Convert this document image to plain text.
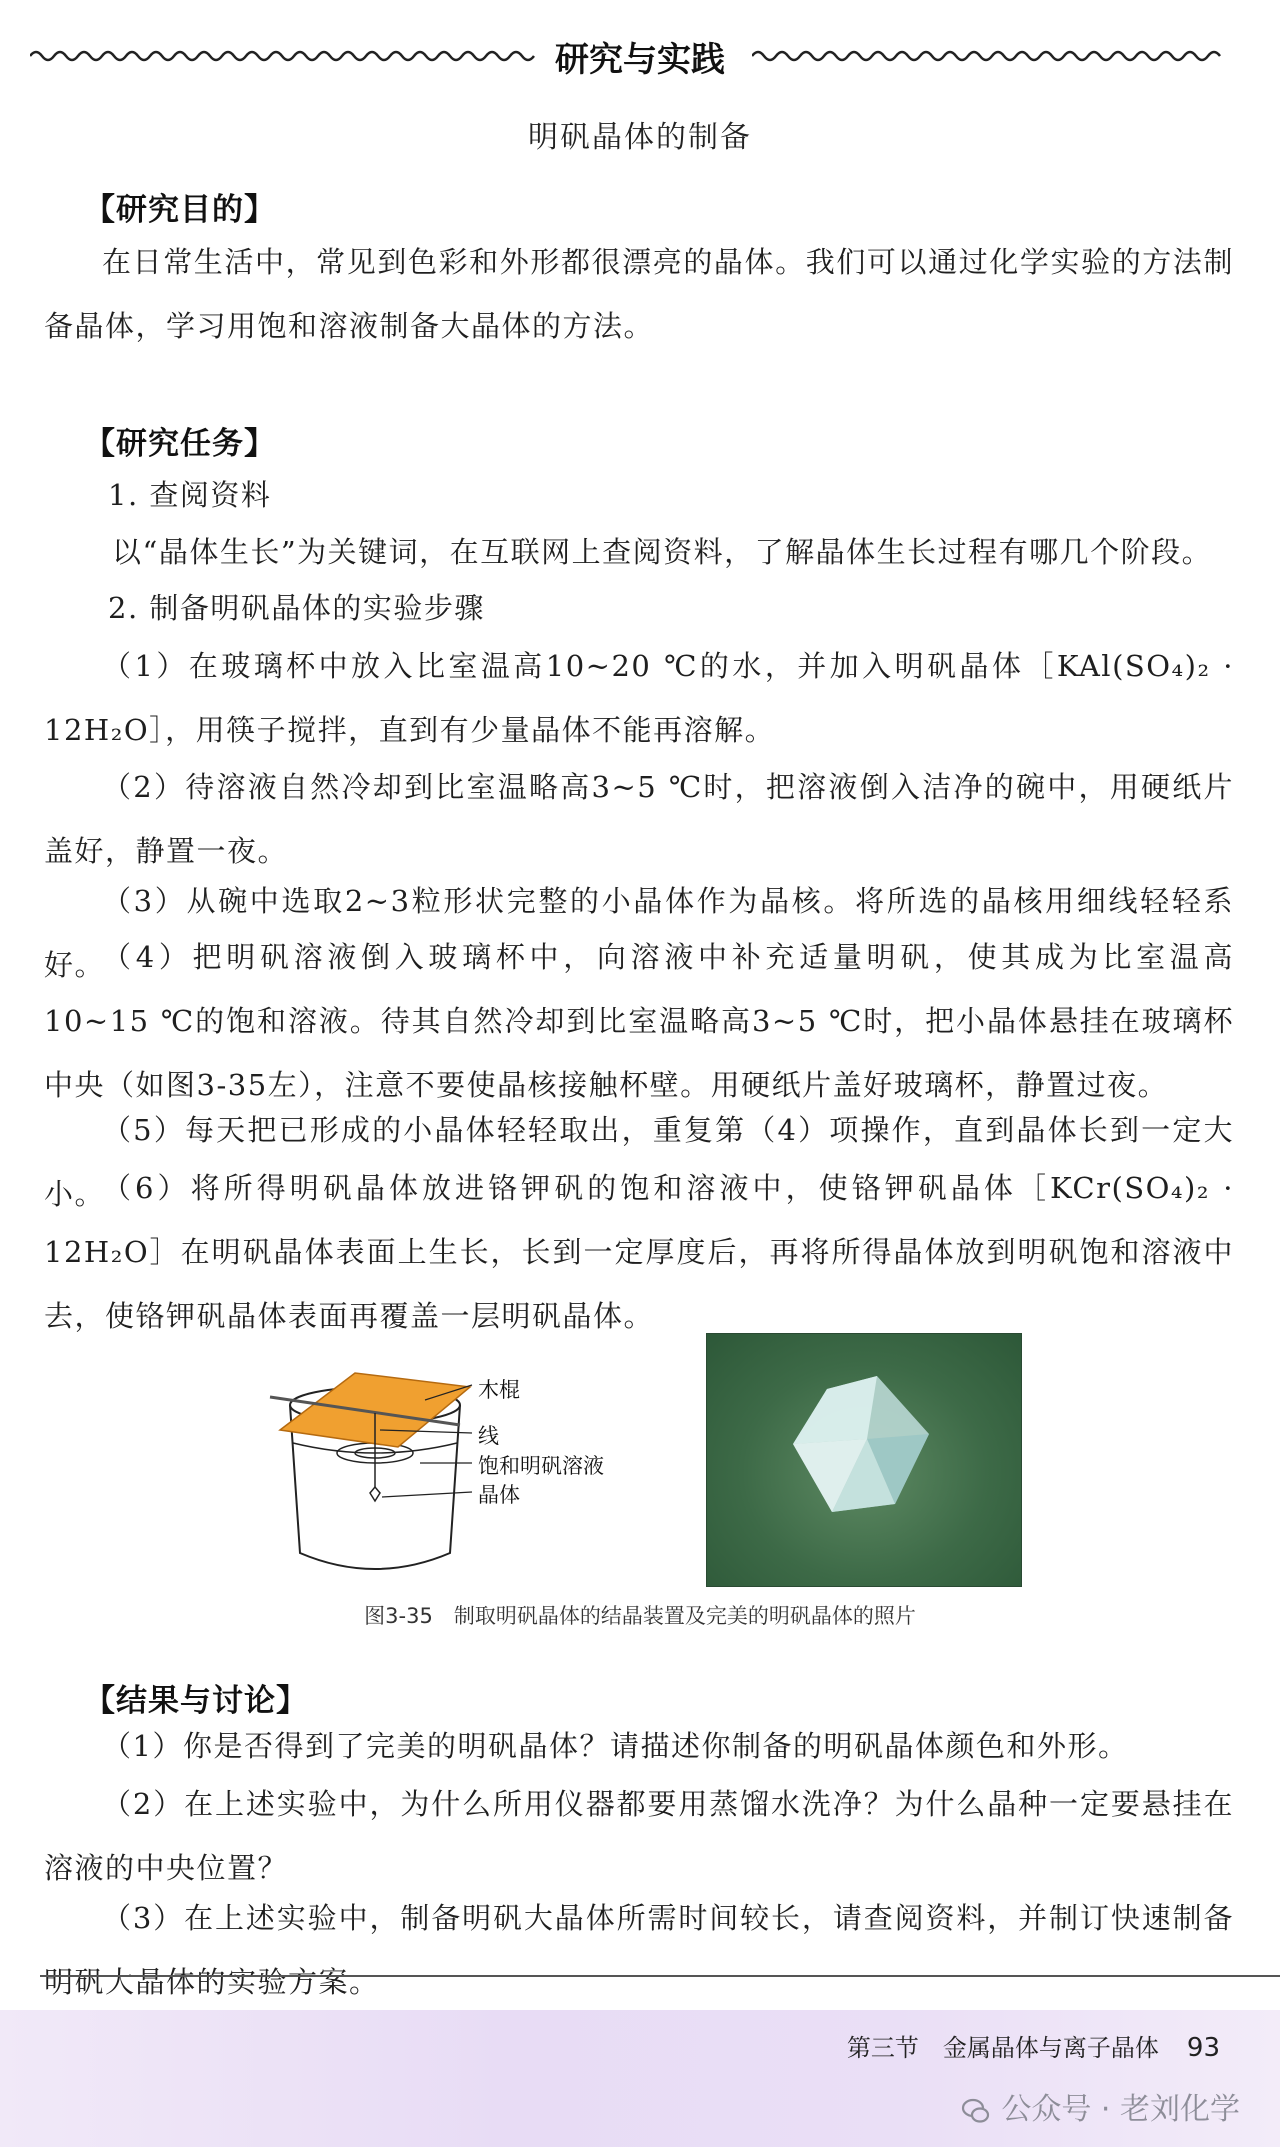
研究与实践
明矾晶体的制备
【研究目的】
在日常生活中，常见到色彩和外形都很漂亮的晶体。我们可以通过化学实验的方法制备晶体，学习用饱和溶液制备大晶体的方法。
【研究任务】
1. 查阅资料
以“晶体生长”为关键词，在互联网上查阅资料，了解晶体生长过程有哪几个阶段。
2. 制备明矾晶体的实验步骤
（1）在玻璃杯中放入比室温高10~20 ℃的水，并加入明矾晶体［KAl(SO₄)₂ · 12H₂O］，用筷子搅拌，直到有少量晶体不能再溶解。
（2）待溶液自然冷却到比室温略高3~5 ℃时，把溶液倒入洁净的碗中，用硬纸片盖好，静置一夜。
（3）从碗中选取2~3粒形状完整的小晶体作为晶核。将所选的晶核用细线轻轻系好。
（4）把明矾溶液倒入玻璃杯中，向溶液中补充适量明矾，使其成为比室温高10~15 ℃的饱和溶液。待其自然冷却到比室温略高3~5 ℃时，把小晶体悬挂在玻璃杯中央（如图3-35左），注意不要使晶核接触杯壁。用硬纸片盖好玻璃杯，静置过夜。
（5）每天把已形成的小晶体轻轻取出，重复第（4）项操作，直到晶体长到一定大小。
（6）将所得明矾晶体放进铬钾矾的饱和溶液中，使铬钾矾晶体［KCr(SO₄)₂ · 12H₂O］在明矾晶体表面上生长，长到一定厚度后，再将所得晶体放到明矾饱和溶液中去，使铬钾矾晶体表面再覆盖一层明矾晶体。
木棍
线
饱和明矾溶液
晶体
图3-35　制取明矾晶体的结晶装置及完美的明矾晶体的照片
【结果与讨论】
（1）你是否得到了完美的明矾晶体？请描述你制备的明矾晶体颜色和外形。
（2）在上述实验中，为什么所用仪器都要用蒸馏水洗净？为什么晶种一定要悬挂在溶液的中央位置？
（3）在上述实验中，制备明矾大晶体所需时间较长，请查阅资料，并制订快速制备明矾大晶体的实验方案。
第三节　金属晶体与离子晶体 93
公众号 · 老刘化学
